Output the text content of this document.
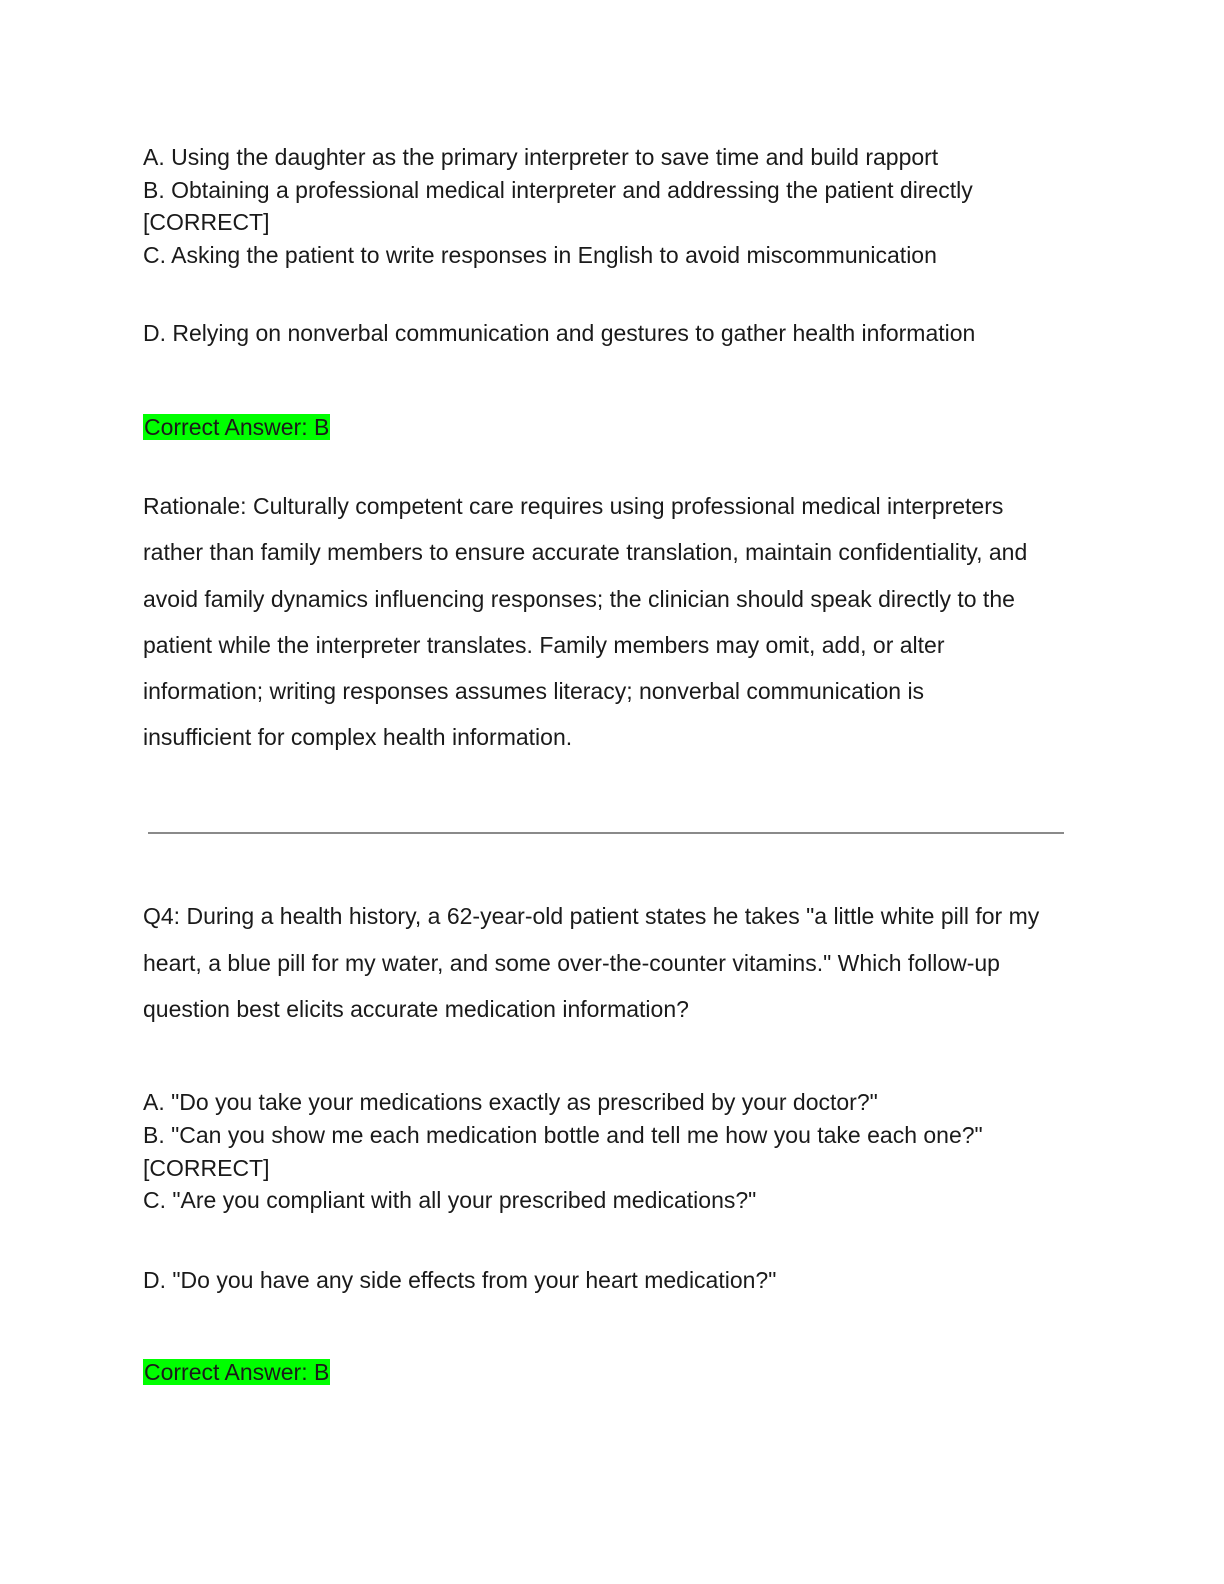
A. Using the daughter as the primary interpreter to save time and build rapport

B. Obtaining a professional medical interpreter and addressing the patient directly

[CORRECT]

C. Asking the patient to write responses in English to avoid miscommunication

D. Relying on nonverbal communication and gestures to gather health information

Correct Answer: B

Rationale: Culturally competent care requires using professional medical interpreters

rather than family members to ensure accurate translation, maintain confidentiality, and

avoid family dynamics influencing responses; the clinician should speak directly to the

patient while the interpreter translates. Family members may omit, add, or alter

information; writing responses assumes literacy; nonverbal communication is

insufficient for complex health information.

Q4: During a health history, a 62-year-old patient states he takes "a little white pill for my

heart, a blue pill for my water, and some over-the-counter vitamins." Which follow-up

question best elicits accurate medication information?

A. "Do you take your medications exactly as prescribed by your doctor?"

B. "Can you show me each medication bottle and tell me how you take each one?"

[CORRECT]

C. "Are you compliant with all your prescribed medications?"

D. "Do you have any side effects from your heart medication?"

Correct Answer: B
